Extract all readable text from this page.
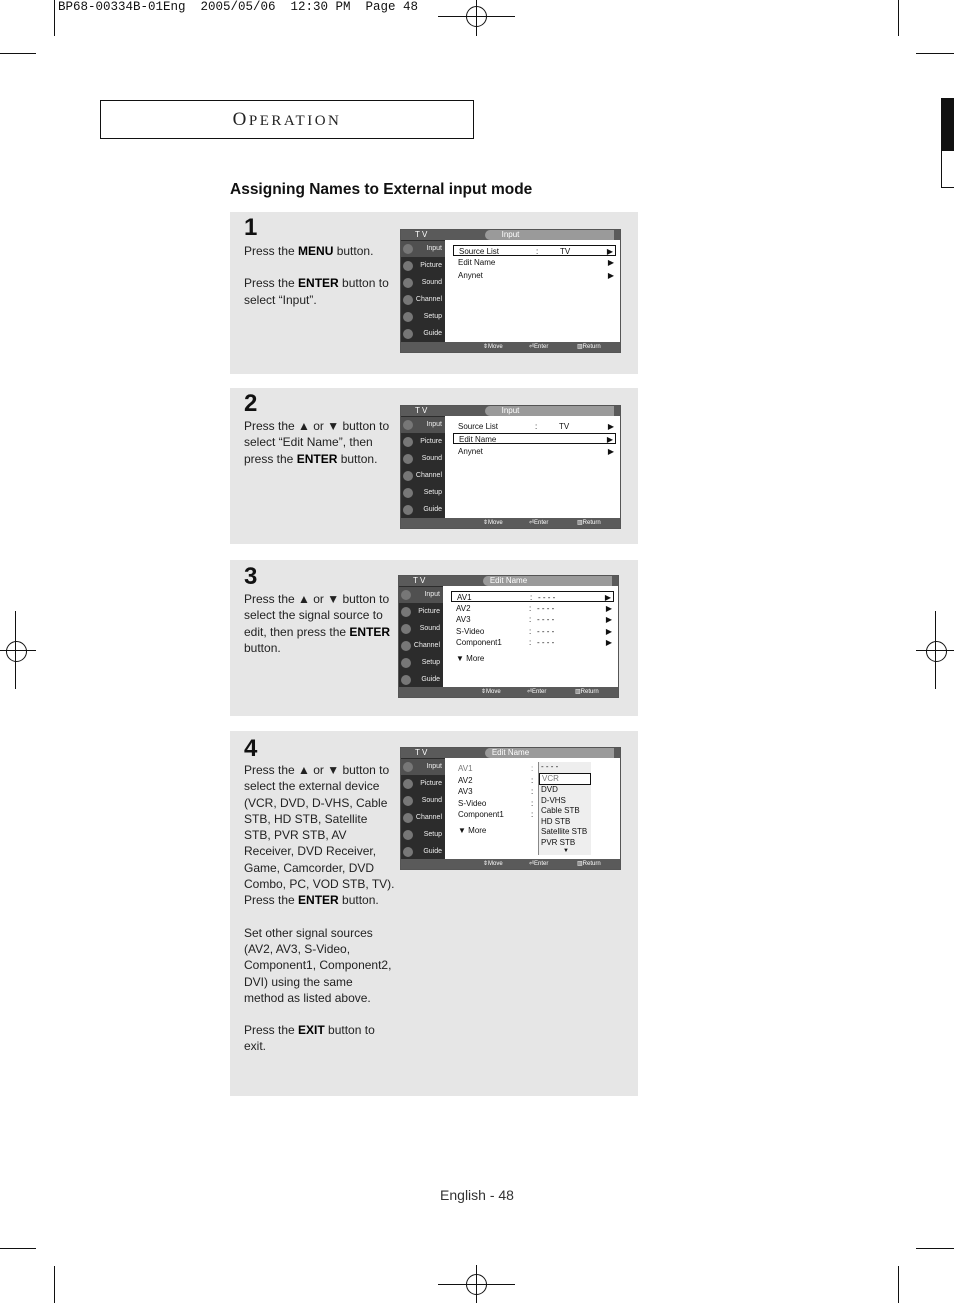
BP68-00334B-01Eng  2005/05/06  12:30 PM  Page 48
OPERATION
Assigning Names to External input mode
1

Press the MENU button.

Press the ENTER button to select “Input”.

T V	Input
Input
Picture
Sound
Channel
Setup
Guide
Source List	:	TV	▶
Edit Name	▶
Anynet	▶
⇕ Move	⏎ Enter	▥ Return
2

Press the ▲ or ▼ button to select “Edit Name”, then press the ENTER button.

T V	Input
Input
Picture
Sound
Channel
Setup
Guide
Source List	:	TV	▶
Edit Name	▶
Anynet	▶
⇕ Move	⏎ Enter	▥ Return
3

Press the ▲ or ▼ button to select the signal source to edit, then press the ENTER button.

T V	Edit Name
Input
Picture
Sound
Channel
Setup
Guide
AV1	: - - - -	▶
AV2	: - - - -	▶
AV3	: - - - -	▶
S-Video	: - - - -	▶
Component1	: - - - -	▶
▼ More
⇕ Move	⏎ Enter	▥ Return
4

Press the ▲ or ▼ button to select the external device (VCR, DVD, D-VHS, Cable STB, HD STB, Satellite STB, PVR STB, AV Receiver, DVD Receiver, Game, Camcorder, DVD Combo, PC, VOD STB, TV). Press the ENTER button.

Set other signal sources (AV2, AV3, S-Video, Component1, Component2, DVI) using the same method as listed above.

Press the EXIT button to exit.

T V	Edit Name
Input
Picture
Sound
Channel
Setup
Guide
AV1	:
AV2	:
AV3	:
S-Video	:
Component1	:
▼ More
- - - -
VCR
DVD
D-VHS
Cable STB
HD STB
Satellite STB
PVR STB
▼
⇕ Move	⏎ Enter	▥ Return
English - 48
